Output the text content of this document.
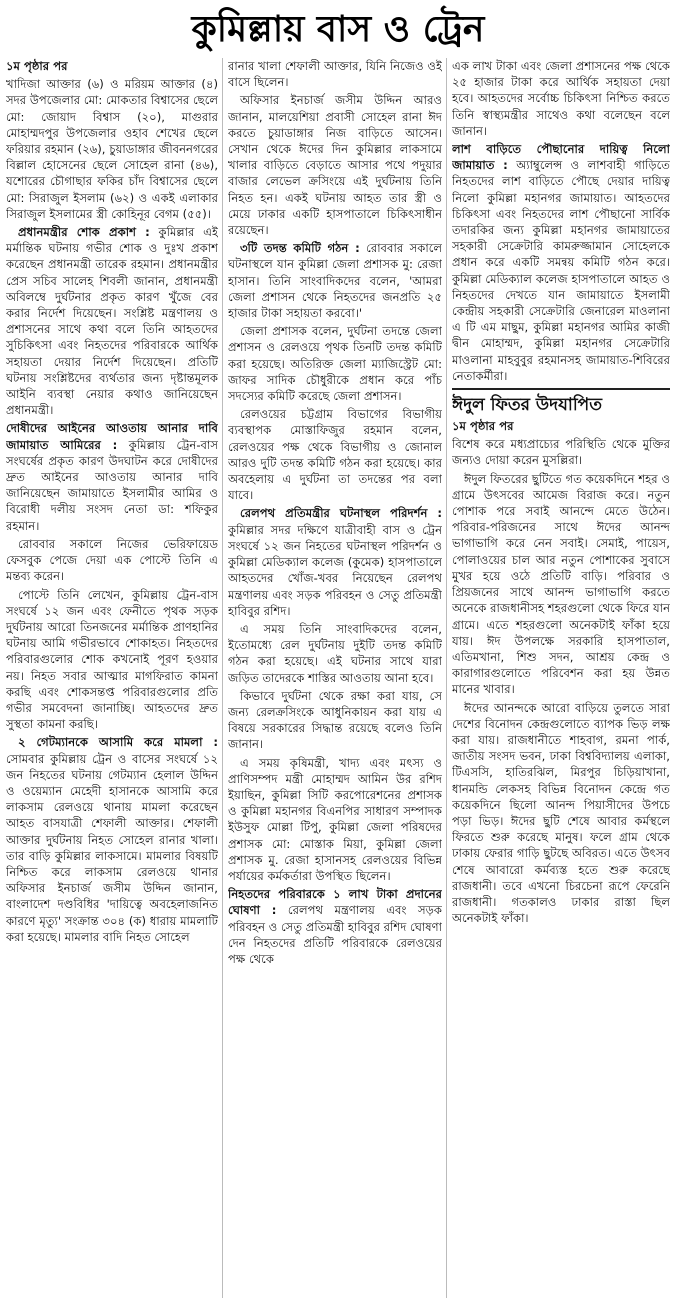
কুমিল্লায় বাস ও ট্রেন
১ম পৃষ্ঠার পর

খাদিজা আক্তার (৬) ও মরিয়ম আক্তার (৪) সদর উপজেলার মো: মোকতার বিশ্বাসের ছেলে মো: জোয়াদ বিশ্বাস (২০), মাগুরার মোহাম্মদপুর উপজেলার ওহাব শেখের ছেলে ফরিয়ার রহমান (২৬), চুয়াডাঙ্গার জীবননগরের বিল্লাল হোসেনের ছেলে সোহেল রানা (৪৬), যশোরের চৌগাছার ফকির চাঁদ বিশ্বাসের ছেলে মো: সিরাজুল ইসলাম (৬২) ও একই এলাকার সিরাজুল ইসলামের স্ত্রী কোহিনূর বেগম (৫৫)।

প্রধানমন্ত্রীর শোক প্রকাশ : কুমিল্লার এই মর্মান্তিক ঘটনায় গভীর শোক ও দুঃখ প্রকাশ করেছেন প্রধানমন্ত্রী তারেক রহমান। প্রধানমন্ত্রীর প্রেস সচিব সালেহ শিবলী জানান, প্রধানমন্ত্রী অবিলম্বে দুর্ঘটনার প্রকৃত কারণ খুঁজে বের করার নির্দেশ দিয়েছেন। সংশ্লিষ্ট মন্ত্রণালয় ও প্রশাসনের সাথে কথা বলে তিনি আহতদের সুচিকিৎসা এবং নিহতদের পরিবারকে আর্থিক সহায়তা দেয়ার নির্দেশ দিয়েছেন। প্রতিটি ঘটনায় সংশ্লিষ্টদের ব্যর্থতার জন্য দৃষ্টান্তমূলক আইনি ব্যবস্থা নেয়ার কথাও জানিয়েছেন প্রধানমন্ত্রী।

দোষীদের আইনের আওতায় আনার দাবি জামায়াত আমিরের : কুমিল্লায় ট্রেন-বাস সংঘর্ষের প্রকৃত কারণ উদঘাটন করে দোষীদের দ্রুত আইনের আওতায় আনার দাবি জানিয়েছেন জামায়াতে ইসলামীর আমির ও বিরোধী দলীয় সংসদ নেতা ডা: শফিকুর রহমান।

রোববার সকালে নিজের ভেরিফায়েড ফেসবুক পেজে দেয়া এক পোস্টে তিনি এ মন্তব্য করেন।

পোস্টে তিনি লেখেন, কুমিল্লায় ট্রেন-বাস সংঘর্ষে ১২ জন এবং ফেনীতে পৃথক সড়ক দুর্ঘটনায় আরো তিনজনের মর্মান্তিক প্রাণহানির ঘটনায় আমি গভীরভাবে শোকাহত। নিহতদের পরিবারগুলোর শোক কখনোই পূরণ হওয়ার নয়। নিহত সবার আত্মার মাগফিরাত কামনা করছি এবং শোকসন্তপ্ত পরিবারগুলোর প্রতি গভীর সমবেদনা জানাচ্ছি। আহতদের দ্রুত সুস্থতা কামনা করছি।

২ গেটম্যানকে আসামি করে মামলা : সোমবার কুমিল্লায় ট্রেন ও বাসের সংঘর্ষে ১২ জন নিহতের ঘটনায় গেটম্যান হেলাল উদ্দিন ও ওয়েম্যান মেহেদী হাসানকে আসামি করে লাকসাম রেলওয়ে থানায় মামলা করেছেন আহত বাসযাত্রী শেফালী আক্তার। শেফালী আক্তার দুর্ঘটনায় নিহত সোহেল রানার খালা। তার বাড়ি কুমিল্লার লাকসামে। মামলার বিষয়টি নিশ্চিত করে লাকসাম রেলওয়ে থানার অফিসার ইনচার্জ জসীম উদ্দিন জানান, বাংলাদেশ দণ্ডবিধির 'দায়িত্বে অবহেলাজনিত কারণে মৃত্যু' সংক্রান্ত ৩০৪ (ক) ধারায় মামলাটি করা হয়েছে। মামলার বাদি নিহত সোহেল

রানার খালা শেফালী আক্তার, যিনি নিজেও ওই বাসে ছিলেন।

অফিসার ইনচার্জ জসীম উদ্দিন আরও জানান, মালয়েশিয়া প্রবাসী সোহেল রানা ঈদ করতে চুয়াডাঙ্গার নিজ বাড়িতে আসেন। সেখান থেকে ঈদের দিন কুমিল্লার লাকসামে খালার বাড়িতে বেড়াতে আসার পথে পদুয়ার বাজার লেভেল ক্রসিংয়ে এই দুর্ঘটনায় তিনি নিহত হন। একই ঘটনায় আহত তার স্ত্রী ও মেয়ে ঢাকার একটি হাসপাতালে চিকিৎসাধীন রয়েছেন।

৩টি তদন্ত কমিটি গঠন : রোববার সকালে ঘটনাস্থলে যান কুমিল্লা জেলা প্রশাসক মু: রেজা হাসান। তিনি সাংবাদিকদের বলেন, 'আমরা জেলা প্রশাসন থেকে নিহতদের জনপ্রতি ২৫ হাজার টাকা সহায়তা করবো।'

জেলা প্রশাসক বলেন, দুর্ঘটনা তদন্তে জেলা প্রশাসন ও রেলওয়ে পৃথক তিনটি তদন্ত কমিটি করা হয়েছে। অতিরিক্ত জেলা ম্যাজিস্ট্রেট মো: জাফর সাদিক চৌধুরীকে প্রধান করে পাঁচ সদস্যের কমিটি করেছে জেলা প্রশাসন।

রেলওয়ের চট্টগ্রাম বিভাগের বিভাগীয় ব্যবস্থাপক মোস্তাফিজুর রহমান বলেন, রেলওয়ের পক্ষ থেকে বিভাগীয় ও জোনাল আরও দুটি তদন্ত কমিটি গঠন করা হয়েছে। কার অবহেলায় এ দুর্ঘটনা তা তদন্তের পর বলা যাবে।

রেলপথ প্রতিমন্ত্রীর ঘটনাস্থল পরিদর্শন : কুমিল্লার সদর দক্ষিণে যাত্রীবাহী বাস ও ট্রেন সংঘর্ষে ১২ জন নিহতের ঘটনাস্থল পরিদর্শন ও কুমিল্লা মেডিক্যাল কলেজ (কুমেক) হাসপাতালে আহতদের খোঁজ-খবর নিয়েছেন রেলপথ মন্ত্রণালয় এবং সড়ক পরিবহন ও সেতু প্রতিমন্ত্রী হাবিবুর রশিদ।

এ সময় তিনি সাংবাদিকদের বলেন, ইতোমধ্যে রেল দুর্ঘটনায় দুইটি তদন্ত কমিটি গঠন করা হয়েছে। এই ঘটনার সাথে যারা জড়িত তাদেরকে শাস্তির আওতায় আনা হবে।

কিভাবে দুর্ঘটনা থেকে রক্ষা করা যায়, সে জন্য রেলক্রসিংকে আধুনিকায়ন করা যায় এ বিষয়ে সরকারের সিদ্ধান্ত রয়েছে বলেও তিনি জানান।

এ সময় কৃষিমন্ত্রী, খাদ্য এবং মৎস্য ও প্রাণিসম্পদ মন্ত্রী মোহাম্মদ আমিন উর রশিদ ইয়াছিন, কুমিল্লা সিটি করপোরেশনের প্রশাসক ও কুমিল্লা মহানগর বিএনপির সাধারণ সম্পাদক ইউসুফ মোল্লা টিপু, কুমিল্লা জেলা পরিষদের প্রশাসক মো: মোস্তাক মিয়া, কুমিল্লা জেলা প্রশাসক মু. রেজা হাসানসহ রেলওয়ের বিভিন্ন পর্যায়ের কর্মকর্তারা উপস্থিত ছিলেন।

নিহতদের পরিবারকে ১ লাখ টাকা প্রদানের ঘোষণা : রেলপথ মন্ত্রণালয় এবং সড়ক পরিবহন ও সেতু প্রতিমন্ত্রী হাবিবুর রশিদ ঘোষণা দেন নিহতদের প্রতিটি পরিবারকে রেলওয়ের পক্ষ থেকে

এক লাখ টাকা এবং জেলা প্রশাসনের পক্ষ থেকে ২৫ হাজার টাকা করে আর্থিক সহায়তা দেয়া হবে। আহতদের সর্বোচ্চ চিকিৎসা নিশ্চিত করতে তিনি স্বাস্থ্যমন্ত্রীর সাথেও কথা বলেছেন বলে জানান।

লাশ বাড়িতে পৌছানোর দায়িত্ব নিলো জামায়াত : অ্যাম্বুলেন্স ও লাশবাহী গাড়িতে নিহতদের লাশ বাড়িতে পৌছে দেয়ার দায়িত্ব নিলো কুমিল্লা মহানগর জামায়াত। আহতদের চিকিৎসা এবং নিহতদের লাশ পৌছানো সার্বিক তদারকির জন্য কুমিল্লা মহানগর জামায়াতের সহকারী সেক্রেটারি কামরুজ্জামান সোহেলকে প্রধান করে একটি সমন্বয় কমিটি গঠন করে। কুমিল্লা মেডিক্যাল কলেজ হাসপাতালে আহত ও নিহতদের দেখতে যান জামায়াতে ইসলামী কেন্দ্রীয় সহকারী সেক্রেটারি জেনারেল মাওলানা এ টি এম মাছুম, কুমিল্লা মহানগর আমির কাজী দ্বীন মোহাম্মদ, কুমিল্লা মহানগর সেক্রেটারি মাওলানা মাহবুবুর রহমানসহ জামায়াত-শিবিরের নেতাকর্মীরা।

ঈদুল ফিতর উদযাপিত
১ম পৃষ্ঠার পর

বিশেষ করে মধ্যপ্রাচ্যের পরিস্থিতি থেকে মুক্তির জন্যও দোয়া করেন মুসল্লিরা।

ঈদুল ফিতরের ছুটিতে গত কয়েকদিনে শহর ও গ্রামে উৎসবের আমেজ বিরাজ করে। নতুন পোশাক পরে সবাই আনন্দে মেতে উঠেন। পরিবার-পরিজনের সাথে ঈদের আনন্দ ভাগাভাগি করে নেন সবাই। সেমাই, পায়েস, পোলাওয়ের চাল আর নতুন পোশাকের সুবাসে মুখর হয়ে ওঠে প্রতিটি বাড়ি। পরিবার ও প্রিয়জনের সাথে আনন্দ ভাগাভাগি করতে অনেকে রাজধানীসহ শহরগুলো থেকে ফিরে যান গ্রামে। এতে শহরগুলো অনেকটাই ফাঁকা হয়ে যায়। ঈদ উপলক্ষে সরকারি হাসপাতাল, এতিমখানা, শিশু সদন, আশ্রয় কেন্দ্র ও কারাগারগুলোতে পরিবেশন করা হয় উন্নত মানের খাবার।

ঈদের আনন্দকে আরো বাড়িয়ে তুলতে সারা দেশের বিনোদন কেন্দ্রগুলোতে ব্যাপক ভিড় লক্ষ করা যায়। রাজধানীতে শাহবাগ, রমনা পার্ক, জাতীয় সংসদ ভবন, ঢাকা বিশ্ববিদ্যালয় এলাকা, টিএসসি, হাতিরঝিল, মিরপুর চিড়িয়াখানা, ধানমন্ডি লেকসহ বিভিন্ন বিনোদন কেন্দ্রে গত কয়েকদিনে ছিলো আনন্দ পিয়াসীদের উপচে পড়া ভিড়। ঈদের ছুটি শেষে আবার কর্মস্থলে ফিরতে শুরু করেছে মানুষ। ফলে গ্রাম থেকে ঢাকায় ফেরার গাড়ি ছুটছে অবিরত। এতে উৎসব শেষে আবারো কর্মব্যস্ত হতে শুরু করেছে রাজধানী। তবে এখনো চিরচেনা রূপে ফেরেনি রাজধানী। গতকালও ঢাকার রাস্তা ছিল অনেকটাই ফাঁকা।
